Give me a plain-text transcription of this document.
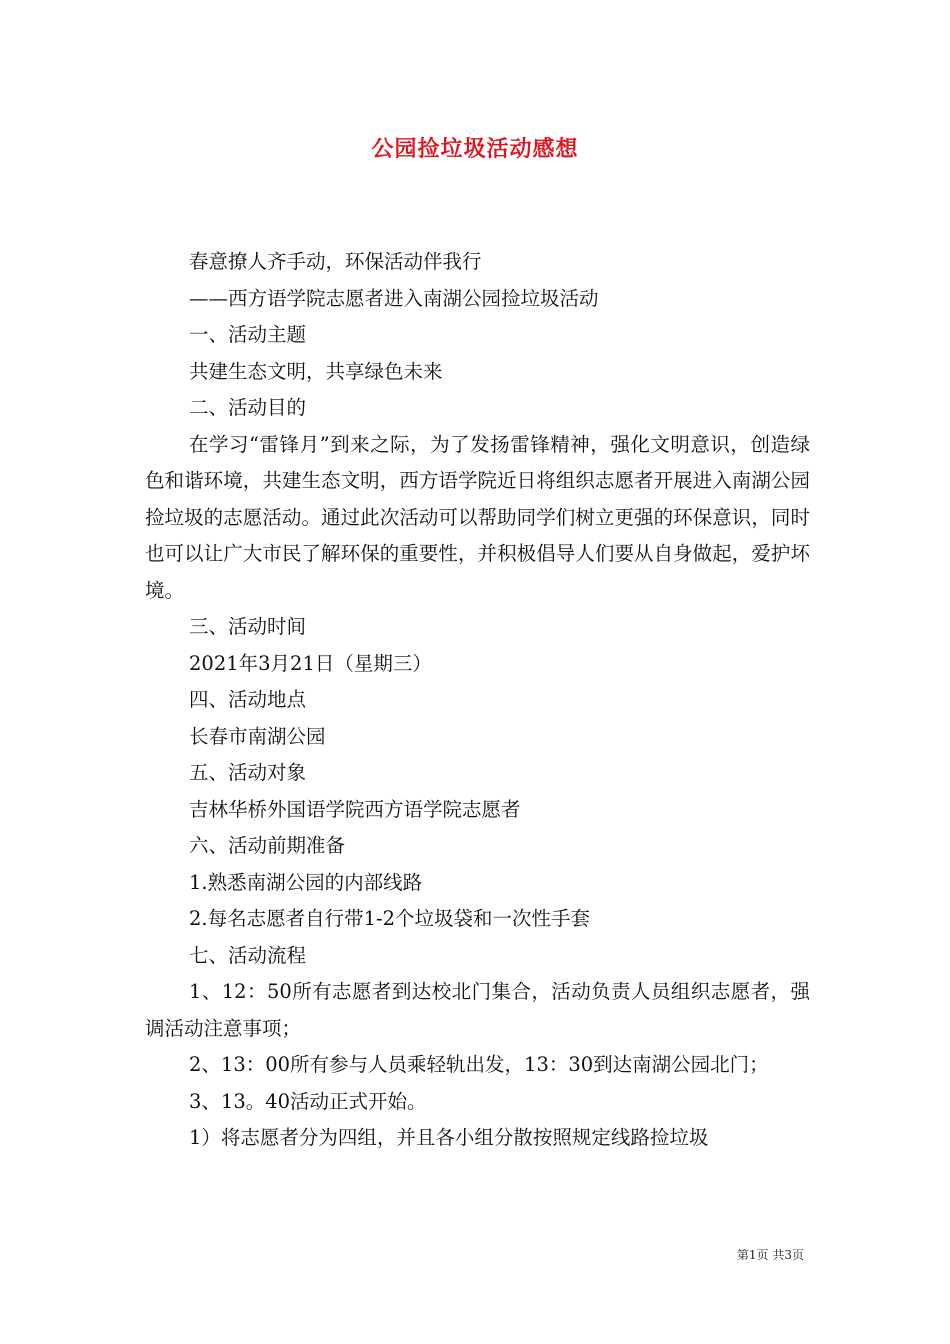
公园捡垃圾活动感想
春意撩人齐手动，环保活动伴我行
——西方语学院志愿者进入南湖公园捡垃圾活动
一、活动主题
共建生态文明，共享绿色未来
二、活动目的

在学习“雷锋月”到来之际，为了发扬雷锋精神，强化文明意识，创造绿色和谐环境，共建生态文明，西方语学院近日将组织志愿者开展进入南湖公园捡垃圾的志愿活动。通过此次活动可以帮助同学们树立更强的环保意识，同时也可以让广大市民了解环保的重要性，并积极倡导人们要从自身做起，爱护坏境。

三、活动时间
2021年3月21日（星期三）
四、活动地点
长春市南湖公园
五、活动对象
吉林华桥外国语学院西方语学院志愿者
六、活动前期准备
1.熟悉南湖公园的内部线路
2.每名志愿者自行带1-2个垃圾袋和一次性手套
七、活动流程

1、12：50所有志愿者到达校北门集合，活动负责人员组织志愿者，强调活动注意事项；

2、13：00所有参与人员乘轻轨出发，13：30到达南湖公园北门；

3、13。40活动正式开始。
1）将志愿者分为四组，并且各小组分散按照规定线路捡垃圾
第1页 共3页
